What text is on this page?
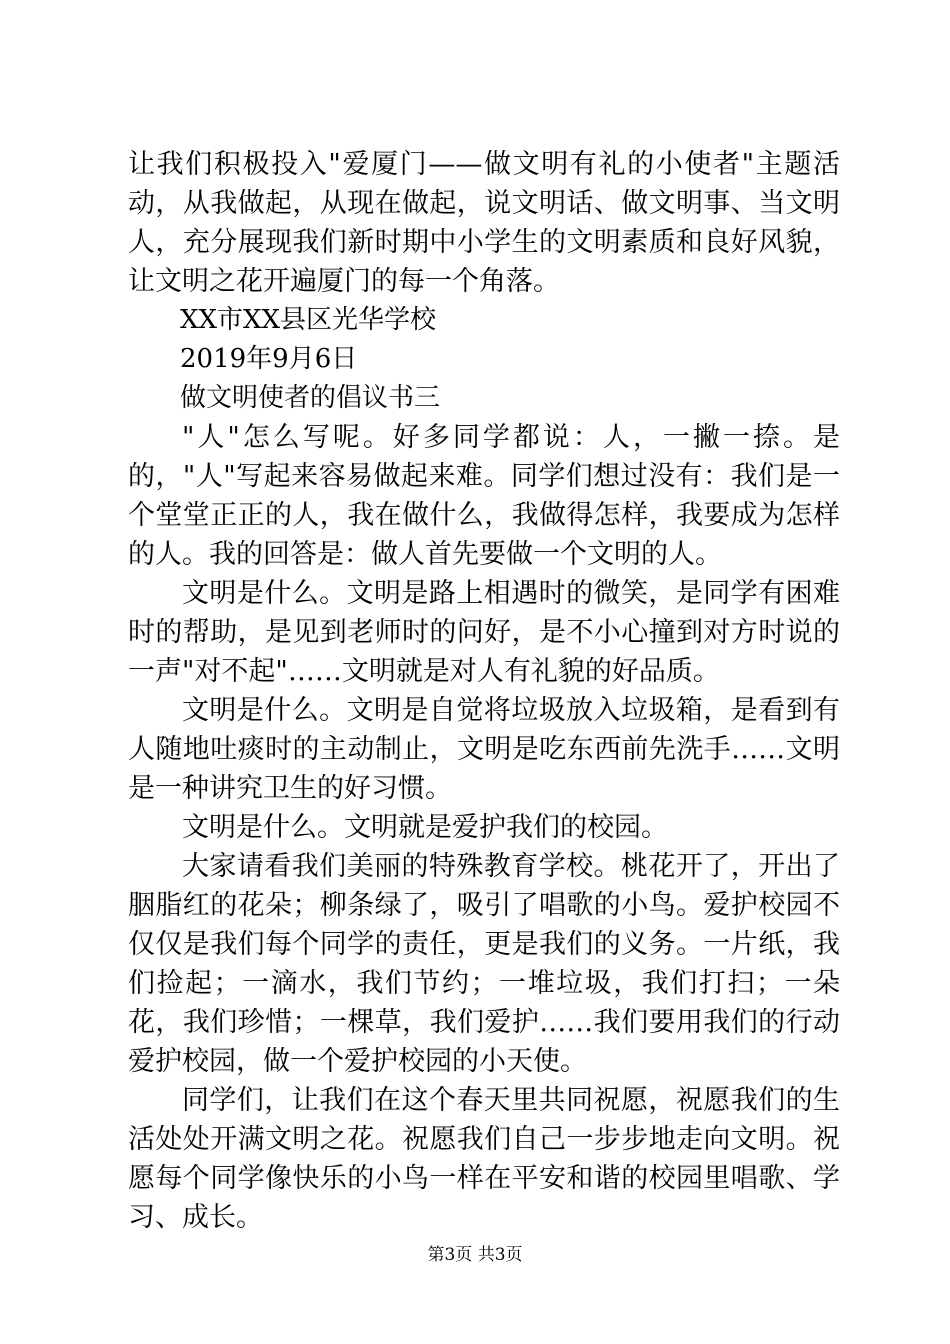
让我们积极投入"爱厦门——做文明有礼的小使者"主题活动，从我做起，从现在做起，说文明话、做文明事、当文明人，充分展现我们新时期中小学生的文明素质和良好风貌，让文明之花开遍厦门的每一个角落。

XX市XX县区光华学校

2019年9月6日

做文明使者的倡议书三

"人"怎么写呢。好多同学都说：人，一撇一捺。是的，"人"写起来容易做起来难。同学们想过没有：我们是一个堂堂正正的人，我在做什么，我做得怎样，我要成为怎样的人。我的回答是：做人首先要做一个文明的人。

文明是什么。文明是路上相遇时的微笑，是同学有困难时的帮助，是见到老师时的问好，是不小心撞到对方时说的一声"对不起"……文明就是对人有礼貌的好品质。

文明是什么。文明是自觉将垃圾放入垃圾箱，是看到有人随地吐痰时的主动制止，文明是吃东西前先洗手……文明是一种讲究卫生的好习惯。

文明是什么。文明就是爱护我们的校园。

大家请看我们美丽的特殊教育学校。桃花开了，开出了胭脂红的花朵；柳条绿了，吸引了唱歌的小鸟。爱护校园不仅仅是我们每个同学的责任，更是我们的义务。一片纸，我们捡起；一滴水，我们节约；一堆垃圾，我们打扫；一朵花，我们珍惜；一棵草，我们爱护……我们要用我们的行动爱护校园，做一个爱护校园的小天使。

同学们，让我们在这个春天里共同祝愿，祝愿我们的生活处处开满文明之花。祝愿我们自己一步步地走向文明。祝愿每个同学像快乐的小鸟一样在平安和谐的校园里唱歌、学习、成长。

第3页 共3页
